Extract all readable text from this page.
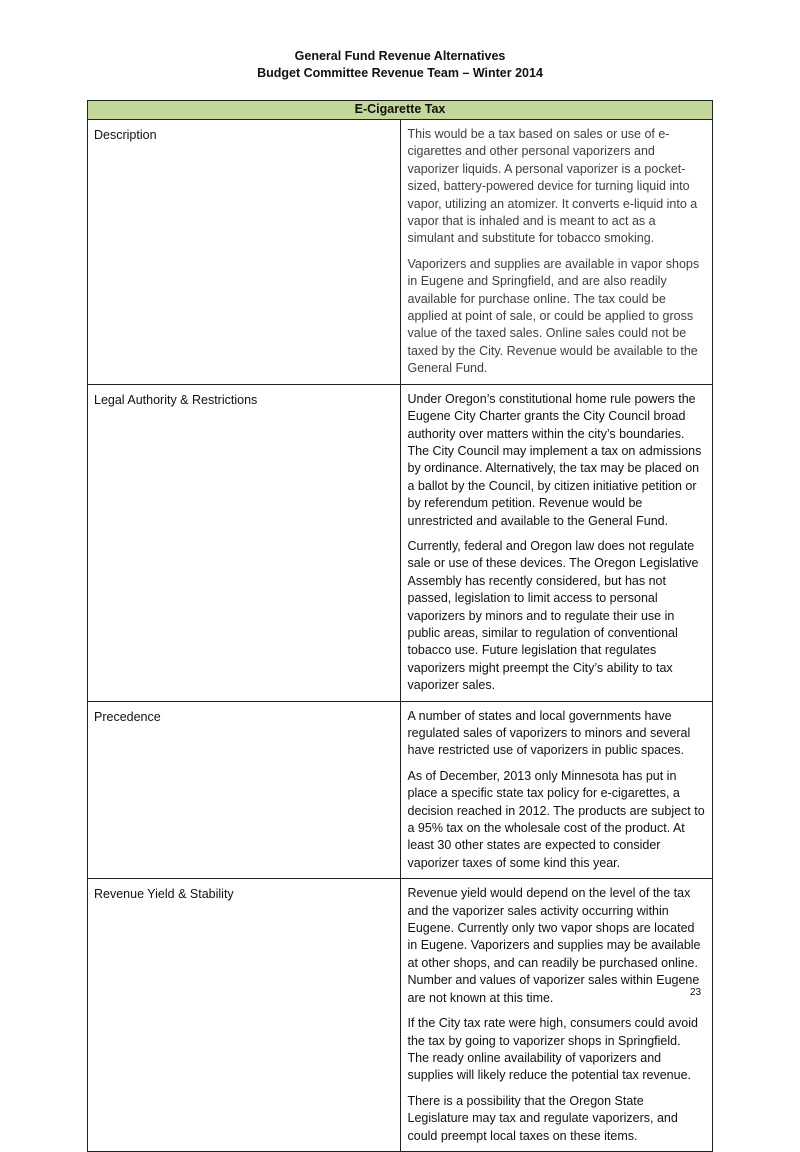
General Fund Revenue Alternatives
Budget Committee Revenue Team – Winter 2014
E-Cigarette Tax	
Description	This would be a tax based on sales or use of e-cigarettes and other personal vaporizers and vaporizer liquids. A personal vaporizer is a pocket-sized, battery-powered device for turning liquid into vapor, utilizing an atomizer. It converts e-liquid into a vapor that is inhaled and is meant to act as a simulant and substitute for tobacco smoking.

Vaporizers and supplies are available in vapor shops in Eugene and Springfield, and are also readily available for purchase online. The tax could be applied at point of sale, or could be applied to gross value of the taxed sales. Online sales could not be taxed by the City. Revenue would be available to the General Fund.

Legal Authority & Restrictions	Under Oregon’s constitutional home rule powers the Eugene City Charter grants the City Council broad authority over matters within the city’s boundaries. The City Council may implement a tax on admissions by ordinance. Alternatively, the tax may be placed on a ballot by the Council, by citizen initiative petition or by referendum petition. Revenue would be unrestricted and available to the General Fund.

Currently, federal and Oregon law does not regulate sale or use of these devices. The Oregon Legislative Assembly has recently considered, but has not passed, legislation to limit access to personal vaporizers by minors and to regulate their use in public areas, similar to regulation of conventional tobacco use. Future legislation that regulates vaporizers might preempt the City’s ability to tax vaporizer sales.

Precedence	A number of states and local governments have regulated sales of vaporizers to minors and several have restricted use of vaporizers in public spaces.

As of December, 2013 only Minnesota has put in place a specific state tax policy for e-cigarettes, a decision reached in 2012. The products are subject to a 95% tax on the wholesale cost of the product. At least 30 other states are expected to consider vaporizer taxes of some kind this year.

Revenue Yield & Stability	Revenue yield would depend on the level of the tax and the vaporizer sales activity occurring within Eugene. Currently only two vapor shops are located in Eugene. Vaporizers and supplies may be available at other shops, and can readily be purchased online. Number and values of vaporizer sales within Eugene are not known at this time.

If the City tax rate were high, consumers could avoid the tax by going to vaporizer shops in Springfield. The ready online availability of vaporizers and supplies will likely reduce the potential tax revenue.

There is a possibility that the Oregon State Legislature may tax and regulate vaporizers, and could preempt local taxes on these items.

23
